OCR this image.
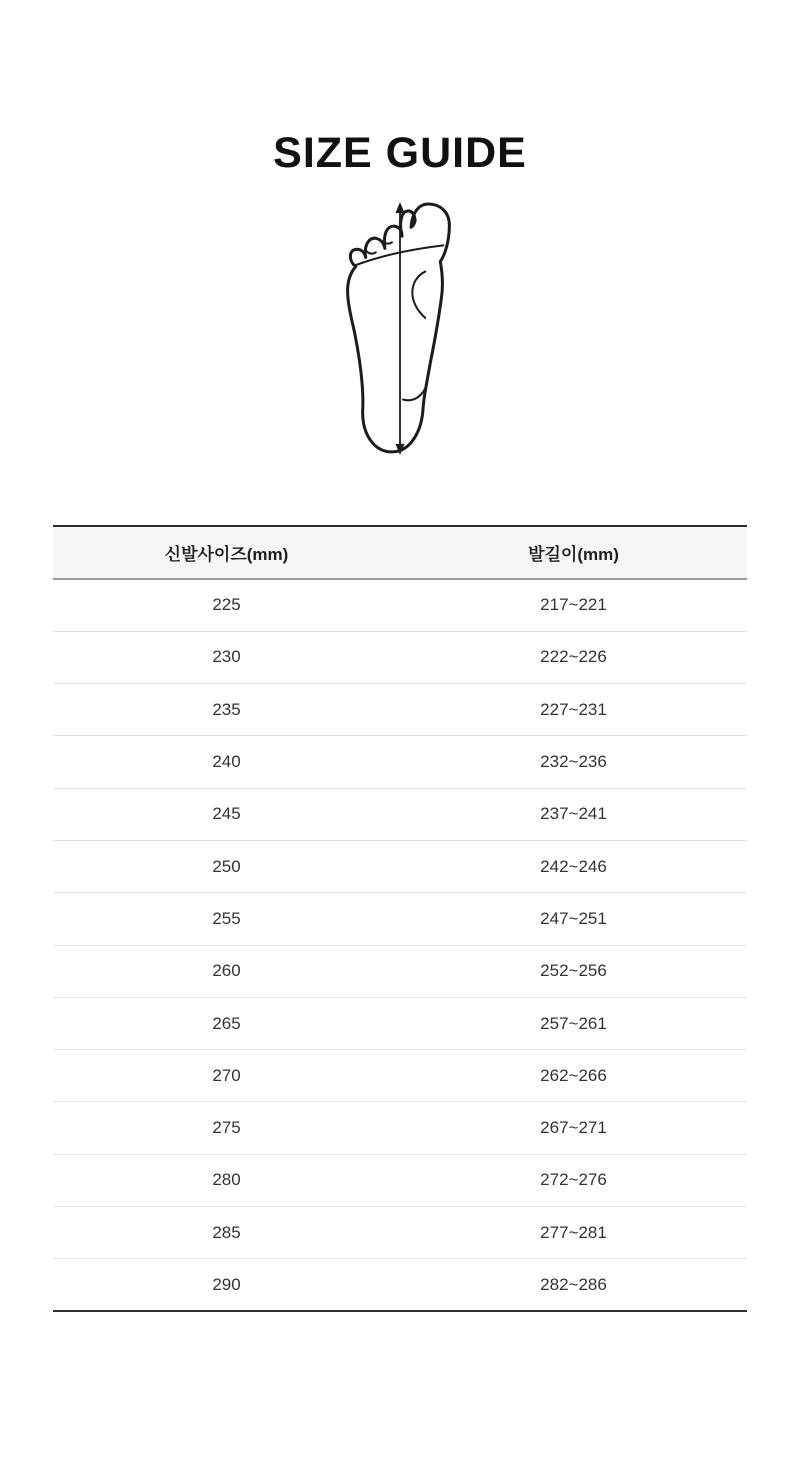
SIZE GUIDE
신발사이즈(mm)	발길이(mm)
225	217~221
230	222~226
235	227~231
240	232~236
245	237~241
250	242~246
255	247~251
260	252~256
265	257~261
270	262~266
275	267~271
280	272~276
285	277~281
290	282~286
